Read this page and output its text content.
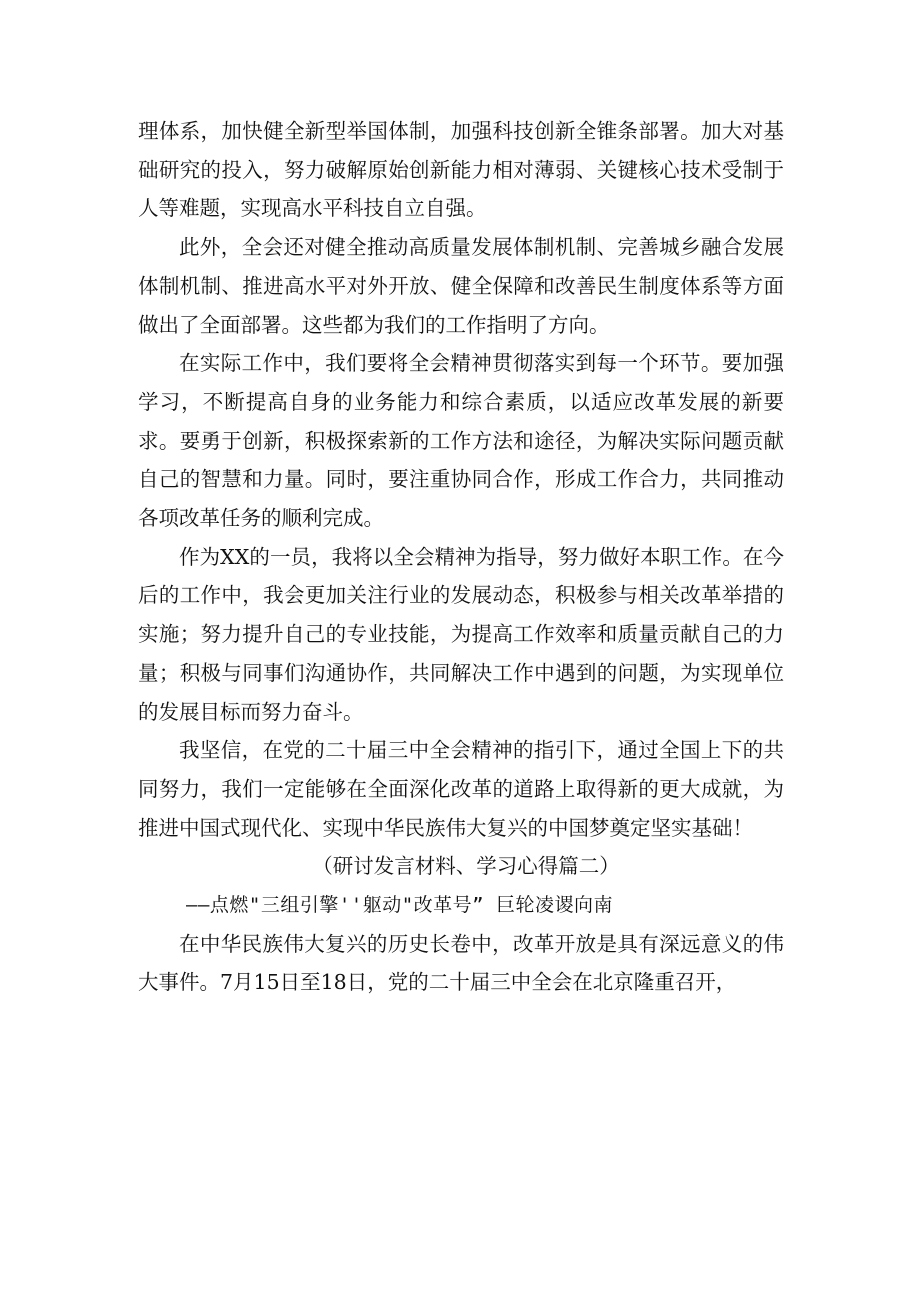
理体系，加快健全新型举国体制，加强科技创新全锥条部署。加大对基础研究的投入，努力破解原始创新能力相对薄弱、关键核心技术受制于人等难题，实现高水平科技自立自强。

此外，全会还对健全推动高质量发展体制机制、完善城乡融合发展体制机制、推进高水平对外开放、健全保障和改善民生制度体系等方面做出了全面部署。这些都为我们的工作指明了方向。

在实际工作中，我们要将全会精神贯彻落实到每一个环节。要加强学习，不断提高自身的业务能力和综合素质，以适应改革发展的新要求。要勇于创新，积极探索新的工作方法和途径，为解决实际问题贡献自己的智慧和力量。同时，要注重协同合作，形成工作合力，共同推动各项改革任务的顺利完成。

作为XX的一员，我将以全会精神为指导，努力做好本职工作。在今后的工作中，我会更加关注行业的发展动态，积极参与相关改革举措的实施；努力提升自己的专业技能，为提高工作效率和质量贡献自己的力量；积极与同事们沟通协作，共同解决工作中遇到的问题，为实现单位的发展目标而努力奋斗。

我坚信，在党的二十届三中全会精神的指引下，通过全国上下的共同努力，我们一定能够在全面深化改革的道路上取得新的更大成就，为推进中国式现代化、实现中华民族伟大复兴的中国梦奠定坚实基础！

（研讨发言材料、学习心得篇二）

——点燃"三组引擎''躯动"改革号” 巨轮凌谡向南

在中华民族伟大复兴的历史长卷中，改革开放是具有深远意义的伟大事件。7月15日至18日，党的二十届三中全会在北京隆重召开，
